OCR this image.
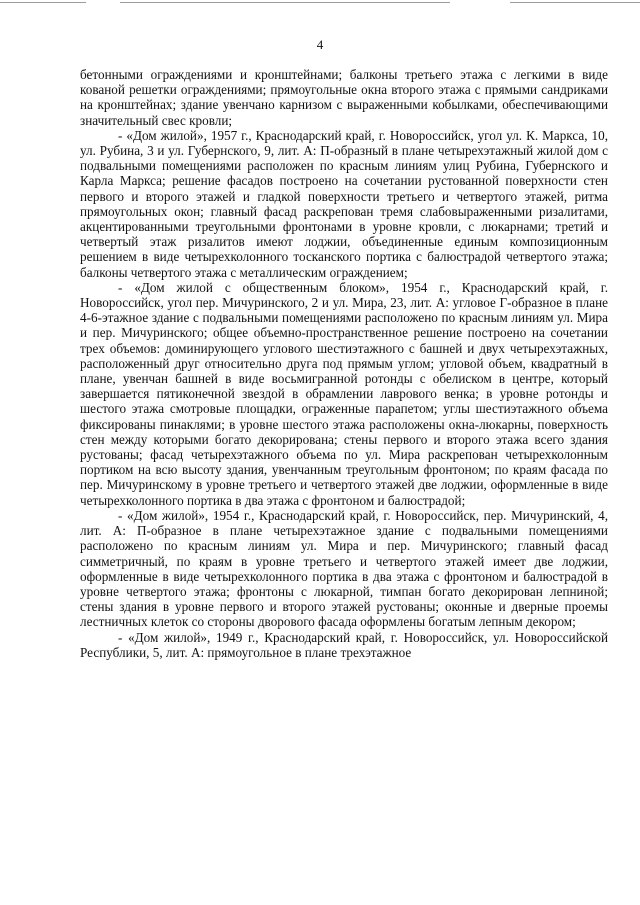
4

бетонными ограждениями и кронштейнами; балконы третьего этажа с легкими в виде кованой решетки ограждениями; прямоугольные окна второго этажа с прямыми сандриками на кронштейнах; здание увенчано карнизом с выраженными кобылками, обеспечивающими значительный свес кровли;

- «Дом жилой», 1957 г., Краснодарский край, г. Новороссийск, угол ул. К. Маркса, 10, ул. Рубина, 3 и ул. Губернского, 9, лит. А: П-образный в плане четырехэтажный жилой дом с подвальными помещениями расположен по красным линиям улиц Рубина, Губернского и Карла Маркса; решение фасадов построено на сочетании рустованной поверхности стен первого и второго этажей и гладкой поверхности третьего и четвертого этажей, ритма прямоугольных окон; главный фасад раскрепован тремя слабовыраженными ризалитами, акцентированными треугольными фронтонами в уровне кровли, с люкарнами; третий и четвертый этаж ризалитов имеют лоджии, объединенные единым композиционным решением в виде четырехколонного тосканского портика с балюстрадой четвертого этажа; балконы четвертого этажа с металлическим ограждением;

- «Дом жилой с общественным блоком», 1954 г., Краснодарский край, г. Новороссийск, угол пер. Мичуринского, 2 и ул. Мира, 23, лит. А: угловое Г-образное в плане 4-6-этажное здание с подвальными помещениями расположено по красным линиям ул. Мира и пер. Мичуринского; общее объемно-пространственное решение построено на сочетании трех объемов: доминирующего углового шестиэтажного с башней и двух четырехэтажных, расположенный друг относительно друга под прямым углом; угловой объем, квадратный в плане, увенчан башней в виде восьмигранной ротонды с обелиском в центре, который завершается пятиконечной звездой в обрамлении лаврового венка; в уровне ротонды и шестого этажа смотровые площадки, ограженные парапетом; углы шестиэтажного объема фиксированы пинаклями; в уровне шестого этажа расположены окна-люкарны, поверхность стен между которыми богато декорирована; стены первого и второго этажа всего здания рустованы; фасад четырехэтажного объема по ул. Мира раскрепован четырехколонным портиком на всю высоту здания, увенчанным треугольным фронтоном; по краям фасада по пер. Мичуринскому в уровне третьего и четвертого этажей две лоджии, оформленные в виде четырехколонного портика в два этажа с фронтоном и балюстрадой;

- «Дом жилой», 1954 г., Краснодарский край, г. Новороссийск, пер. Мичуринский, 4, лит. А: П-образное в плане четырехэтажное здание с подвальными помещениями расположено по красным линиям ул. Мира и пер. Мичуринского; главный фасад симметричный, по краям в уровне третьего и четвертого этажей имеет две лоджии, оформленные в виде четырехколонного портика в два этажа с фронтоном и балюстрадой в уровне четвертого этажа; фронтоны с люкарной, тимпан богато декорирован лепниной; стены здания в уровне первого и второго этажей рустованы; оконные и дверные проемы лестничных клеток со стороны дворового фасада оформлены богатым лепным декором;

- «Дом жилой», 1949 г., Краснодарский край, г. Новороссийск, ул. Новороссийской Республики, 5, лит. А: прямоугольное в плане трехэтажное
